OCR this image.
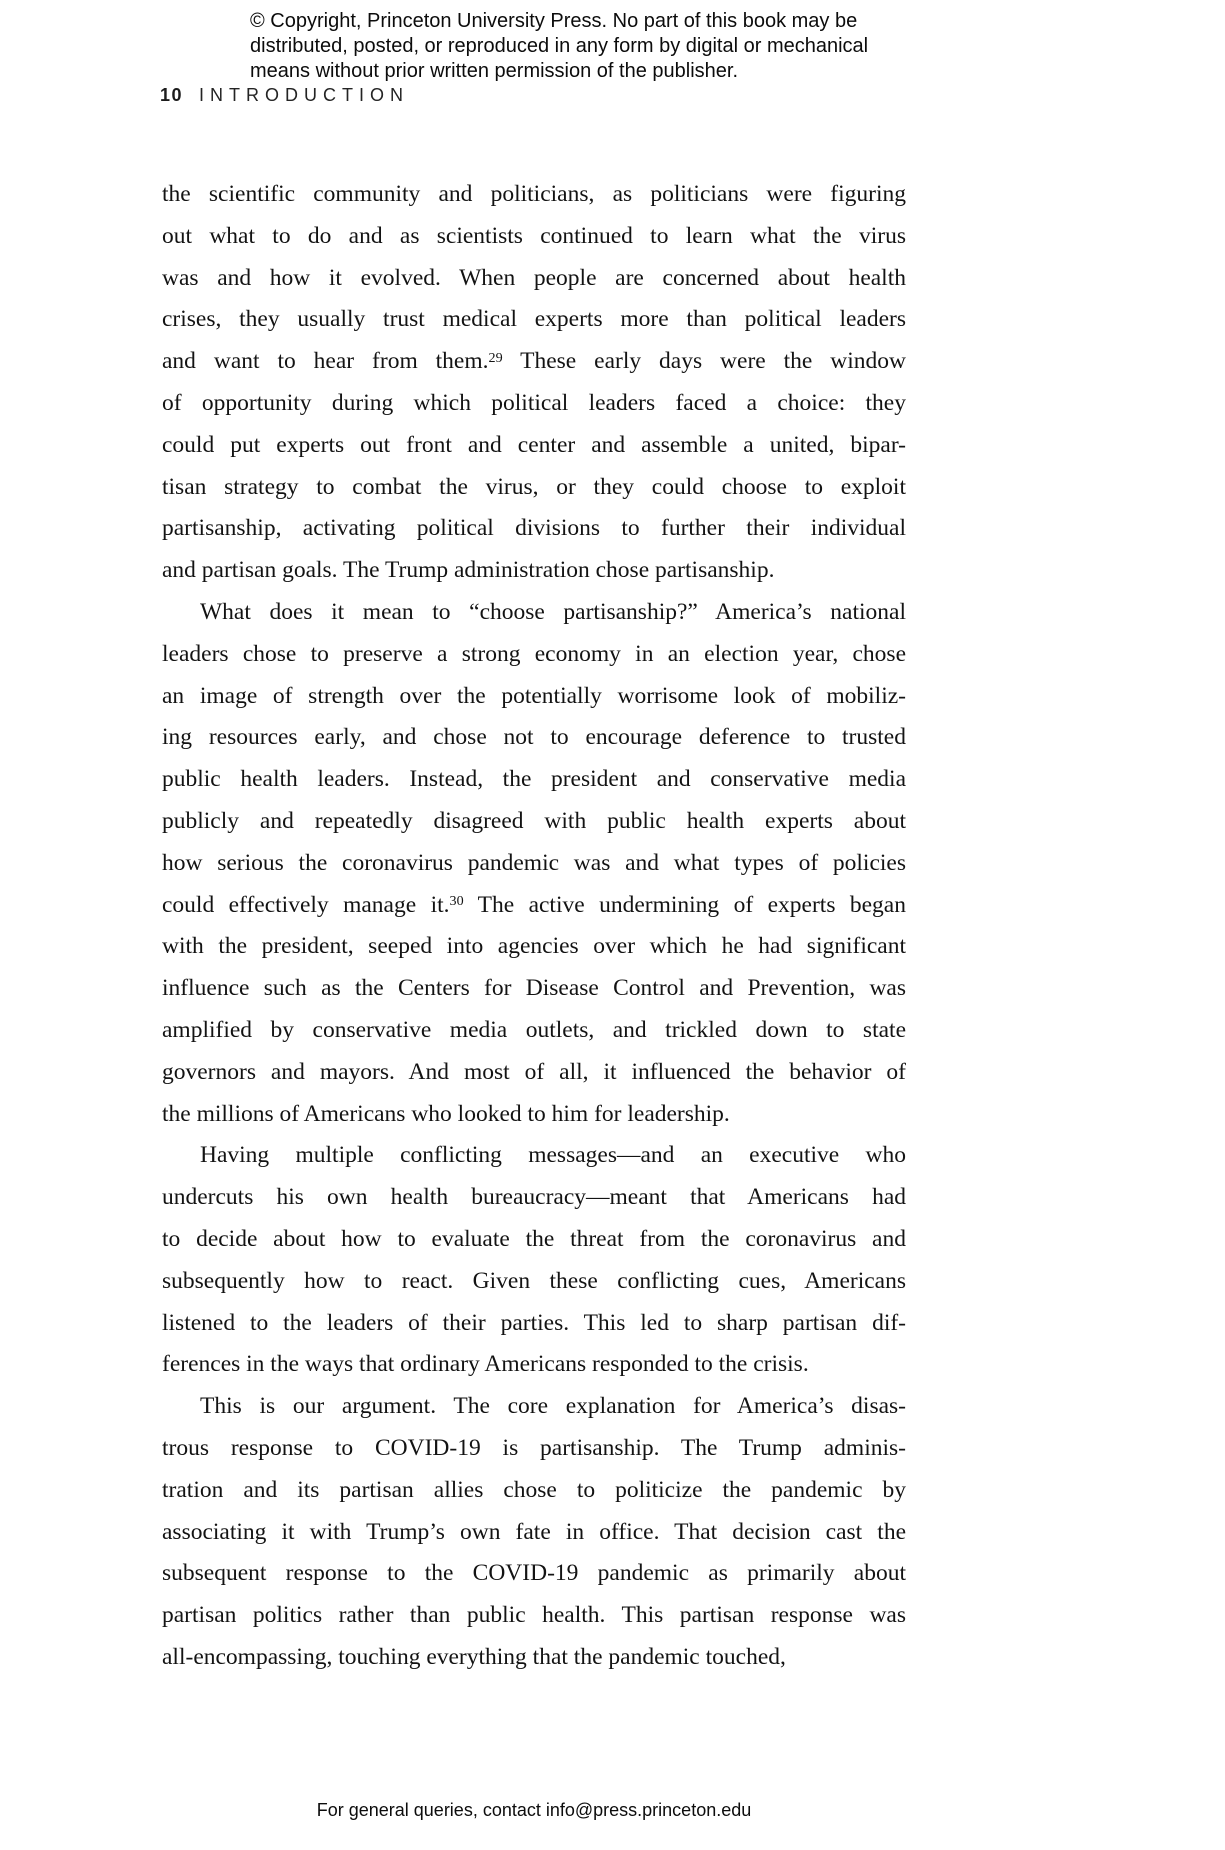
© Copyright, Princeton University Press. No part of this book may be
distributed, posted, or reproduced in any form by digital or mechanical
means without prior written permission of the publisher.
10 INTRODUCTION
the scientific community and politicians, as politicians were figuring
out what to do and as scientists continued to learn what the virus
was and how it evolved. When people are concerned about health
crises, they usually trust medical experts more than political leaders
and want to hear from them.$^{29}$ These early days were the window
of opportunity during which political leaders faced a choice: they
could put experts out front and center and assemble a united, bipar-
tisan strategy to combat the virus, or they could choose to exploit
partisanship, activating political divisions to further their individual
and partisan goals. The Trump administration chose partisanship.
What does it mean to “choose partisanship?” America’s national
leaders chose to preserve a strong economy in an election year, chose
an image of strength over the potentially worrisome look of mobiliz-
ing resources early, and chose not to encourage deference to trusted
public health leaders. Instead, the president and conservative media
publicly and repeatedly disagreed with public health experts about
how serious the coronavirus pandemic was and what types of policies
could effectively manage it.$^{30}$ The active undermining of experts began
with the president, seeped into agencies over which he had significant
influence such as the Centers for Disease Control and Prevention, was
amplified by conservative media outlets, and trickled down to state
governors and mayors. And most of all, it influenced the behavior of
the millions of Americans who looked to him for leadership.
Having multiple conflicting messages—and an executive who
undercuts his own health bureaucracy—meant that Americans had
to decide about how to evaluate the threat from the coronavirus and
subsequently how to react. Given these conflicting cues, Americans
listened to the leaders of their parties. This led to sharp partisan dif-
ferences in the ways that ordinary Americans responded to the crisis.
This is our argument. The core explanation for America’s disas-
trous response to COVID-19 is partisanship. The Trump adminis-
tration and its partisan allies chose to politicize the pandemic by
associating it with Trump’s own fate in office. That decision cast the
subsequent response to the COVID-19 pandemic as primarily about
partisan politics rather than public health. This partisan response was
all-encompassing, touching everything that the pandemic touched,
For general queries, contact info@press.princeton.edu
